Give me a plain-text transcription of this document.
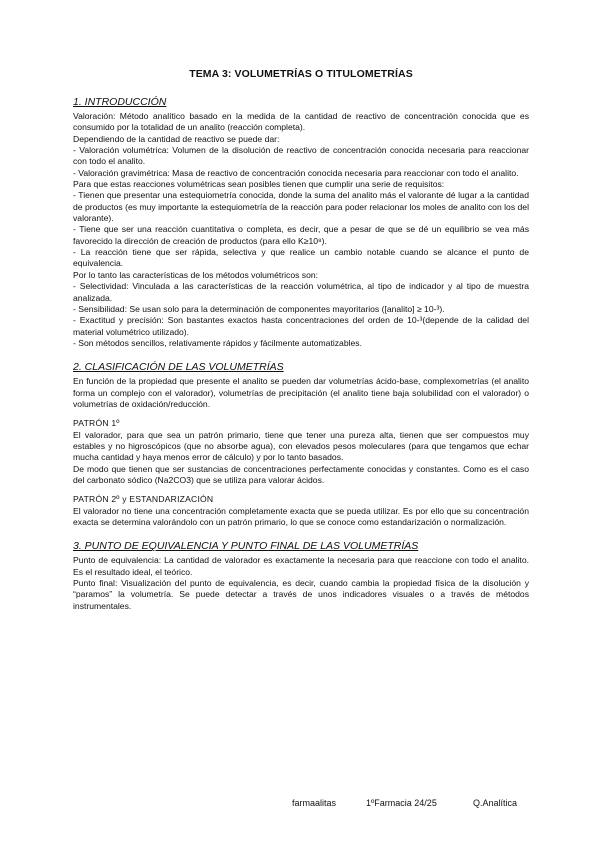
TEMA 3: VOLUMETRÍAS O TITULOMETRÍAS
1. INTRODUCCIÓN

Valoración: Método analítico basado en la medida de la cantidad de reactivo de concentración conocida que es consumido por la totalidad de un analito (reacción completa).

Dependiendo de la cantidad de reactivo se puede dar:

- Valoración volumétrica: Volumen de la disolución de reactivo de concentración conocida necesaria para reaccionar con todo el analito.

- Valoración gravimétrica: Masa de reactivo de concentración conocida necesaria para reaccionar con todo el analito.

Para que estas reacciones volumétricas sean posibles tienen que cumplir una serie de requisitos:

- Tienen que presentar una estequiometría conocida, donde la suma del analito más el valorante dé lugar a la cantidad de productos (es muy importante la estequiometría de la reacción para poder relacionar los moles de analito con los del valorante).

- Tiene que ser una reacción cuantitativa o completa, es decir, que a pesar de que se dé un equilibrio se vea más favorecido la dirección de creación de productos (para ello K≥10⁸).

- La reacción tiene que ser rápida, selectiva y que realice un cambio notable cuando se alcance el punto de equivalencia.

Por lo tanto las características de los métodos volumétricos son:

- Selectividad: Vinculada a las características de la reacción volumétrica, al tipo de indicador y al tipo de muestra analizada.

- Sensibilidad: Se usan solo para la determinación de componentes mayoritarios ([analito] ≥ 10-³).

- Exactitud y precisión: Son bastantes exactos hasta concentraciones del orden de 10-³(depende de la calidad del material volumétrico utilizado).

- Son métodos sencillos, relativamente rápidos y fácilmente automatizables.

2. CLASIFICACIÓN DE LAS VOLUMETRÍAS

En función de la propiedad que presente el analito se pueden dar volumetrías ácido-base, complexometrías (el analito forma un complejo con el valorador), volumetrías de precipitación (el analito tiene baja solubilidad con el valorador) o volumetrías de oxidación/reducción.

PATRÓN 1º

El valorador, para que sea un patrón primario, tiene que tener una pureza alta, tienen que ser compuestos muy estables y no higroscópicos (que no absorbe agua), con elevados pesos moleculares (para que tengamos que echar mucha cantidad y haya menos error de cálculo) y por lo tanto basados.

De modo que tienen que ser sustancias de concentraciones perfectamente conocidas y constantes. Como es el caso del carbonato sódico (Na2CO3) que se utiliza para valorar ácidos.

PATRÓN 2º y ESTANDARIZACIÓN

El valorador no tiene una concentración completamente exacta que se pueda utilizar. Es por ello que su concentración exacta se determina valorándolo con un patrón primario, lo que se conoce como estandarización o normalización.

3. PUNTO DE EQUIVALENCIA Y PUNTO FINAL DE LAS VOLUMETRÍAS

Punto de equivalencia: La cantidad de valorador es exactamente la necesaria para que reaccione con todo el analito. Es el resultado ideal, el teórico.

Punto final: Visualización del punto de equivalencia, es decir, cuando cambia la propiedad física de la disolución y “paramos” la volumetría. Se puede detectar a través de unos indicadores visuales o a través de métodos instrumentales.

farmaalitas	1ºFarmacia 24/25	Q.Analítica
